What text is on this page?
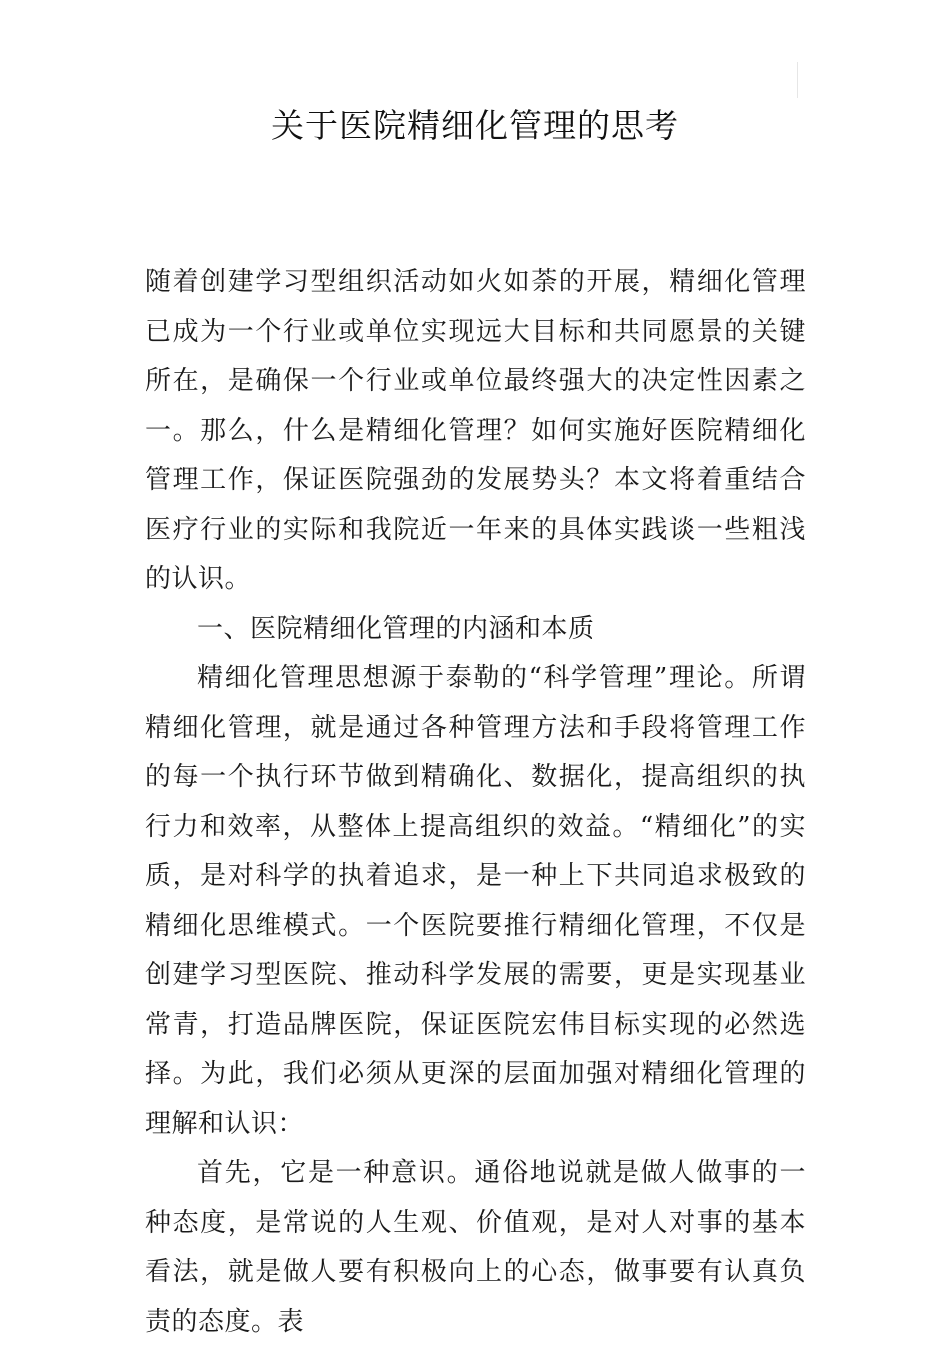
关于医院精细化管理的思考

随着创建学习型组织活动如火如荼的开展，精细化管理已成为一个行业或单位实现远大目标和共同愿景的关键所在，是确保一个行业或单位最终强大的决定性因素之一。那么，什么是精细化管理？如何实施好医院精细化管理工作，保证医院强劲的发展势头？本文将着重结合医疗行业的实际和我院近一年来的具体实践谈一些粗浅的认识。

一、医院精细化管理的内涵和本质

精细化管理思想源于泰勒的“科学管理”理论。所谓精细化管理，就是通过各种管理方法和手段将管理工作的每一个执行环节做到精确化、数据化，提高组织的执行力和效率，从整体上提高组织的效益。“精细化”的实质，是对科学的执着追求，是一种上下共同追求极致的精细化思维模式。一个医院要推行精细化管理，不仅是创建学习型医院、推动科学发展的需要，更是实现基业常青，打造品牌医院，保证医院宏伟目标实现的必然选择。为此，我们必须从更深的层面加强对精细化管理的理解和认识：

首先，它是一种意识。通俗地说就是做人做事的一种态度，是常说的人生观、价值观，是对人对事的基本看法，就是做人要有积极向上的心态，做事要有认真负责的态度。表
